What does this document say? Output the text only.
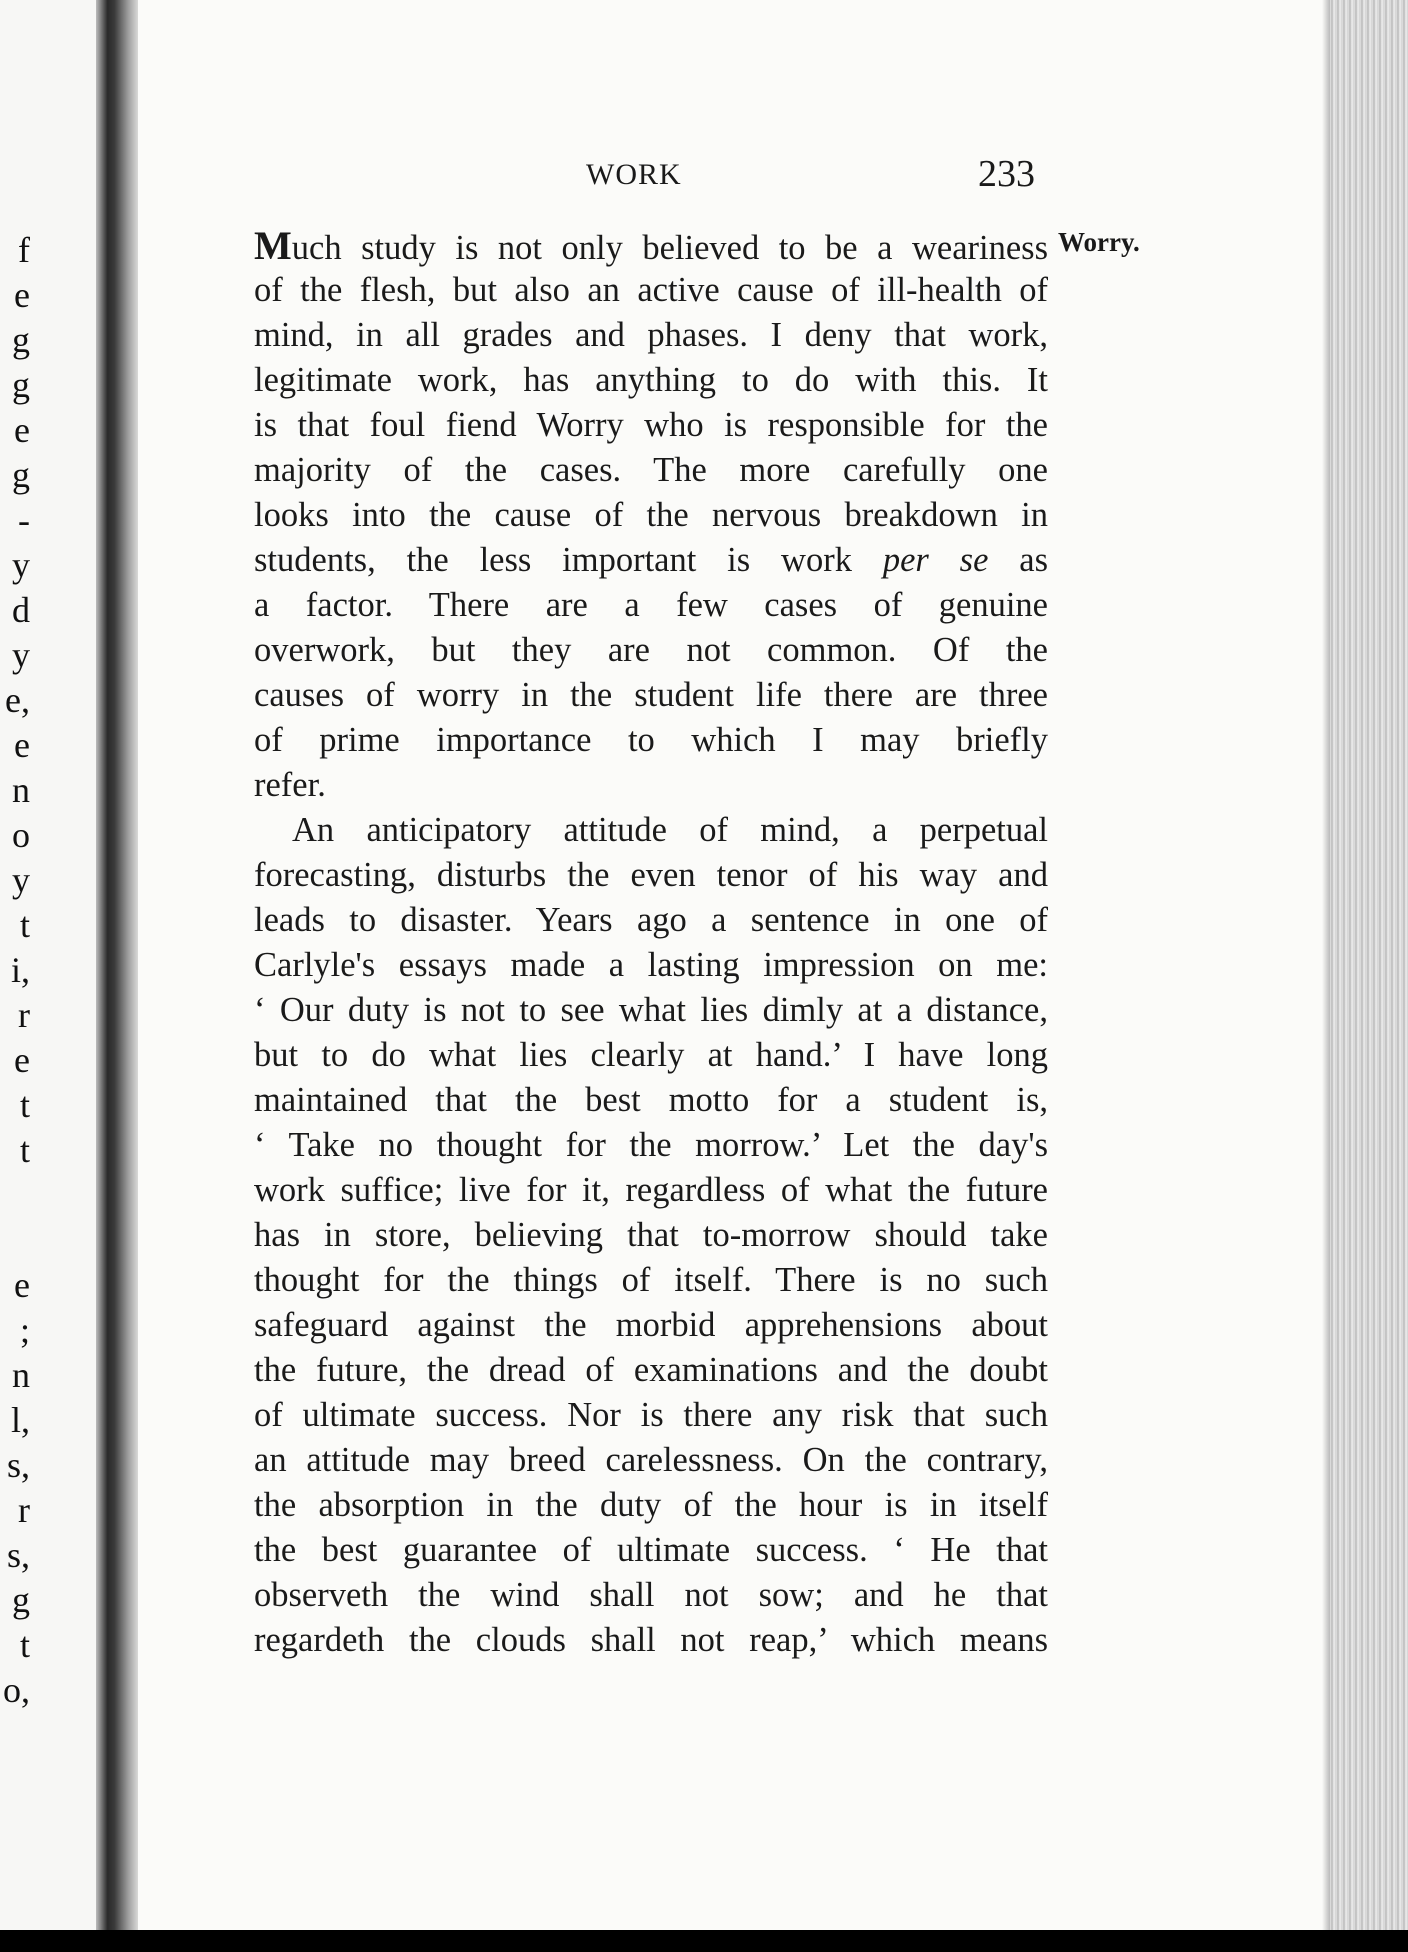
f
e
g
g
e
g
-
y
d
y
e,
e
n
o
y
t
i,
r
e
t
t
e
;
n
l,
s,
r
s,
g
t
o,
WORK	233
Worry.

Much study is not only believed to be a weariness
of the flesh, but also an active cause of ill-health of
mind, in all grades and phases. I deny that work,
legitimate work, has anything to do with this. It
is that foul fiend Worry who is responsible for the
majority of the cases. The more carefully one
looks into the cause of the nervous breakdown in
students, the less important is work per se as
a factor. There are a few cases of genuine
overwork, but they are not common. Of the
causes of worry in the student life there are three
of prime importance to which I may briefly
refer.

An anticipatory attitude of mind, a perpetual
forecasting, disturbs the even tenor of his way and
leads to disaster. Years ago a sentence in one of
Carlyle's essays made a lasting impression on me:
‘ Our duty is not to see what lies dimly at a distance,
but to do what lies clearly at hand.’ I have long
maintained that the best motto for a student is,
‘ Take no thought for the morrow.’ Let the day's
work suffice; live for it, regardless of what the future
has in store, believing that to-morrow should take
thought for the things of itself. There is no such
safeguard against the morbid apprehensions about
the future, the dread of examinations and the doubt
of ultimate success. Nor is there any risk that such
an attitude may breed carelessness. On the contrary,
the absorption in the duty of the hour is in itself
the best guarantee of ultimate success. ‘ He that
observeth the wind shall not sow; and he that
regardeth the clouds shall not reap,’ which means
